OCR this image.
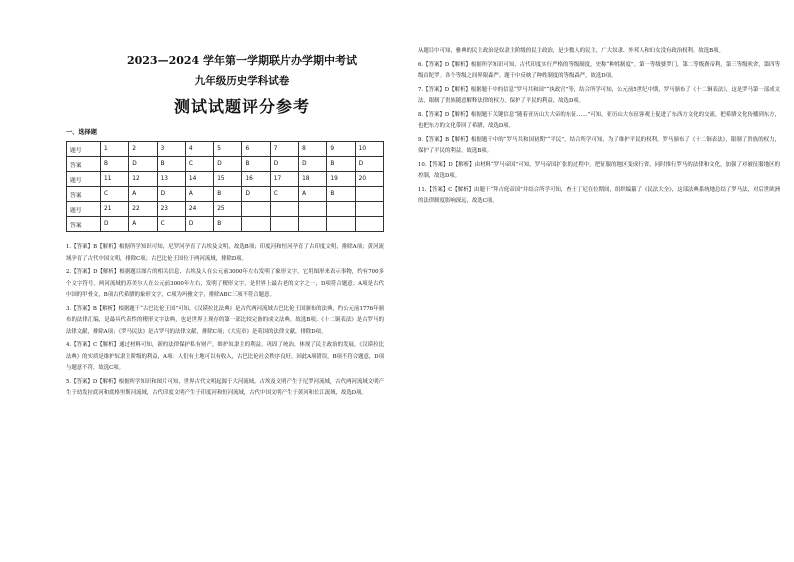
2023—2024 学年第一学期联片办学期中考试
九年级历史学科试卷
测试试题评分参考
一、选择题
题号	1	2	3	4	5	6	7	8	9	10
答案	B	D	B	C	D	B	D	D	B	D
题号	11	12	13	14	15	16	17	18	19	20
答案	C	A	D	A	B	D	C	A	B	
题号	21	22	23	24	25					
答案	D	A	C	D	B					
1.【答案】B【解析】根据所学知识可知，尼罗河孕育了古埃及文明，故选B项；印度河和恒河孕育了古印度文明，排除A项；黄河流域孕育了古代中国文明，排除C项；古巴比伦王国位于两河流域，排除D项。
2.【答案】D【解析】根据题目图片的相关信息，古埃及人在公元前3000年左右发明了象形文字，它用图形来表示事物，约有700多个文字符号。两河流域的苏美尔人在公元前3000年左右，发明了楔形文字，是世界上最古老的文字之一，D项符合题意；A项是古代中国的甲骨文，B项古代希腊的象形文字，C项为玛雅文字，排除ABC三项不符合题意。
3.【答案】B【解析】根据题干“古巴比伦王国”可知，《汉谟拉比法典》是古代两河流域古巴比伦王国颁布的法典，约公元前1776年颁布的法律汇编，是最具代表性的楔形文字法典，也是世界上现存的第一部比较完备的成文法典。故选B项；《十二铜表法》是古罗马的法律文献，排除A项；《罗马民法》是古罗马的法律文献，排除C项；《大宪章》是英国的法律文献，排除D项。
4.【答案】C【解析】通过材料可知，新的法律保护私有财产，维护奴隶主的利益，巩固了统治，体现了民主政治的发展，《汉谟拉比法典》的实质是维护奴隶主阶级的利益，A项：人们有土地可以有收入，古巴比伦社会秩序良好，因此A项错误，B项不符合题意，D项与题意不符，故选C项。
5.【答案】D【解析】根据所学知识和图片可知，世界古代文明起源于大河流域，古埃及文明产生于尼罗河流域，古代两河流域文明产生于幼发拉底河和底格里斯河流域，古代印度文明产生于印度河和恒河流域，古代中国文明产生于黄河和长江流域，故选D项。
从题目中可知，雅典的民主政治是奴隶主阶级的民主政治，是少数人的民主，广大奴隶、外邦人和妇女没有政治权利。故选B项。
6.【答案】D【解析】根据所学知识可知，古代印度实行严格的等级制度，史称“种姓制度”。第一等级婆罗门，第二等级刹帝利，第三等级吠舍，第四等级首陀罗。各个等级之间界限森严。题干中反映了种姓制度的等级森严，故选D项。
7.【答案】D【解析】根据题干中的信息“罗马共和国”“执政官”等，结合所学可知，公元前5世纪中期，罗马颁布了《十二铜表法》，这是罗马第一部成文法，限制了贵族随意解释法律的权力，保护了平民的利益。故选D项。
8.【答案】D【解析】根据题干关键信息“随着亚历山大大帝的东征……”可知，亚历山大东征客观上促进了东西方文化的交流，把希腊文化传播到东方，也把东方的文化带回了希腊，故选D项。
9.【答案】B【解析】根据题干中的“罗马共和国初期”“平民”，结合所学可知，为了维护平民的权利，罗马颁布了《十二铜表法》，限制了贵族的权力，保护了平民的利益，故选B项。
10.【答案】D【解析】由材料“罗马帝国”可知，罗马帝国扩张的过程中，把征服的地区变成行省，同时推行罗马的法律和文化，加强了对被征服地区的控制，故选D项。
11.【答案】C【解析】由题干“拜占庭帝国”并结合所学可知，查士丁尼在位期间，组织编纂了《民法大全》，这部法典系统地总结了罗马法，对后世欧洲的法律制度影响深远，故选C项。
